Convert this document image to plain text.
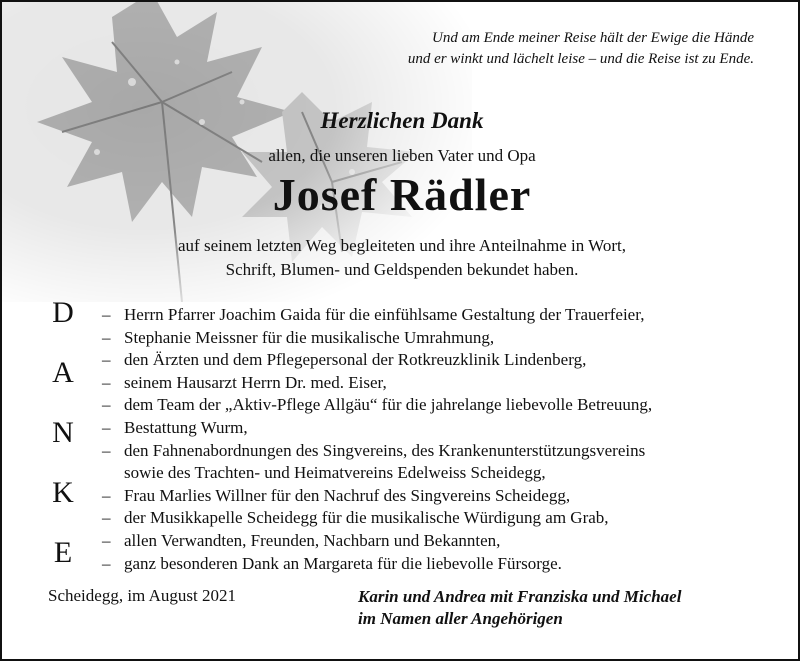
Und am Ende meiner Reise hält der Ewige die Hände
und er winkt und lächelt leise – und die Reise ist zu Ende.
Herzlichen Dank
allen, die unseren lieben Vater und Opa
Josef Rädler
auf seinem letzten Weg begleiteten und ihre Anteilnahme in Wort,
Schrift, Blumen- und Geldspenden bekundet haben.
D
A
N
K
E
– Herrn Pfarrer Joachim Gaida für die einfühlsame Gestaltung der Trauerfeier,
– Stephanie Meissner für die musikalische Umrahmung,
– den Ärzten und dem Pflegepersonal der Rotkreuzklinik Lindenberg,
– seinem Hausarzt Herrn Dr. med. Eiser,
– dem Team der „Aktiv-Pflege Allgäu“ für die jahrelange liebevolle Betreuung,
– Bestattung Wurm,
– den Fahnenabordnungen des Singvereins, des Krankenunterstützungsvereins
sowie des Trachten- und Heimatvereins Edelweiss Scheidegg,
– Frau Marlies Willner für den Nachruf des Singvereins Scheidegg,
– der Musikkapelle Scheidegg für die musikalische Würdigung am Grab,
– allen Verwandten, Freunden, Nachbarn und Bekannten,
– ganz besonderen Dank an Margareta für die liebevolle Fürsorge.
Scheidegg, im August 2021	Karin und Andrea mit Franziska und Michael
im Namen aller Angehörigen
